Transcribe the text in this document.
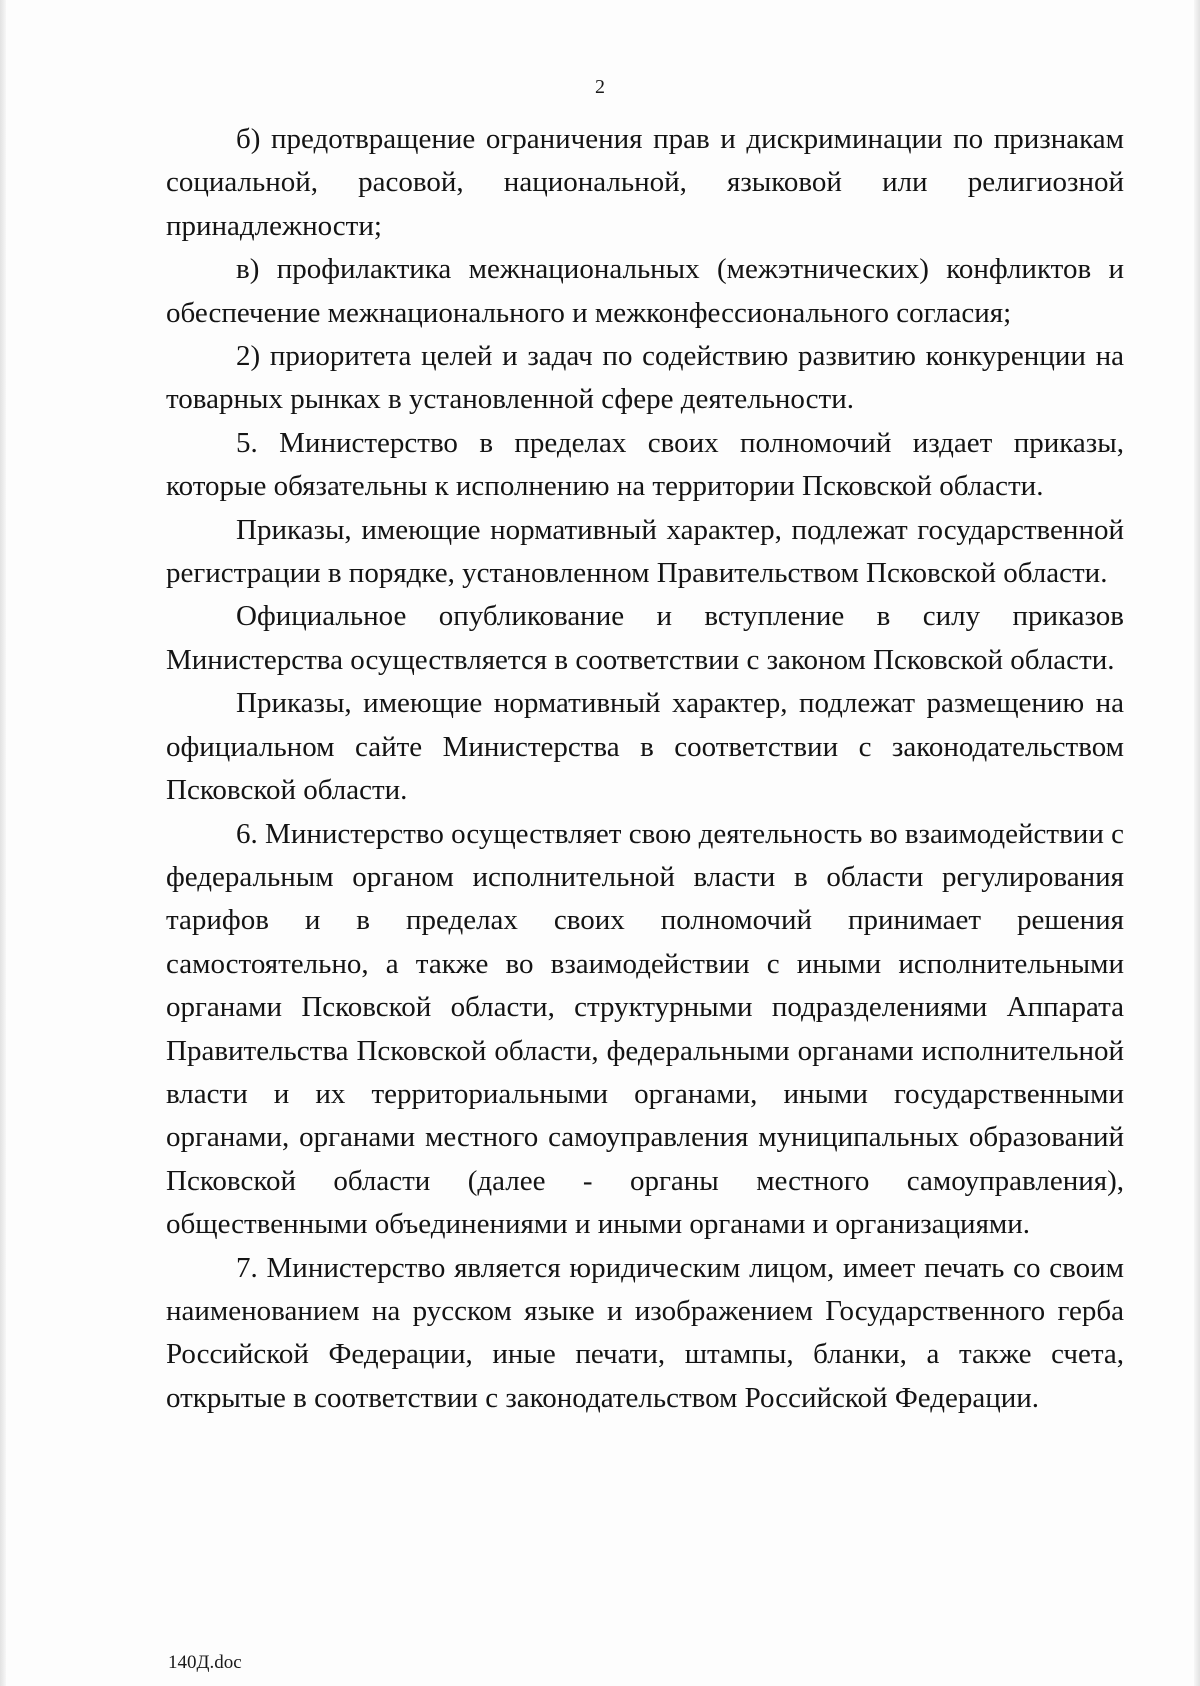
2

б) предотвращение ограничения прав и дискриминации по признакам социальной, расовой, национальной, языковой или религиозной принадлежности;

в) профилактика межнациональных (межэтнических) конфликтов и обеспечение межнационального и межконфессионального согласия;

2) приоритета целей и задач по содействию развитию конкуренции на товарных рынках в установленной сфере деятельности.

5. Министерство в пределах своих полномочий издает приказы, которые обязательны к исполнению на территории Псковской области.

Приказы, имеющие нормативный характер, подлежат государственной регистрации в порядке, установленном Правительством Псковской области.

Официальное опубликование и вступление в силу приказов Министерства осуществляется в соответствии с законом Псковской области.

Приказы, имеющие нормативный характер, подлежат размещению на официальном сайте Министерства в соответствии с законодательством Псковской области.

6. Министерство осуществляет свою деятельность во взаимодействии с федеральным органом исполнительной власти в области регулирования тарифов и в пределах своих полномочий принимает решения самостоятельно, а также во взаимодействии с иными исполнительными органами Псковской области, структурными подразделениями Аппарата Правительства Псковской области, федеральными органами исполнительной власти и их территориальными органами, иными государственными органами, органами местного самоуправления муниципальных образований Псковской области (далее - органы местного самоуправления), общественными объединениями и иными органами и организациями.

7. Министерство является юридическим лицом, имеет печать со своим наименованием на русском языке и изображением Государственного герба Российской Федерации, иные печати, штампы, бланки, а также счета, открытые в соответствии с законодательством Российской Федерации.

140Д.doc
